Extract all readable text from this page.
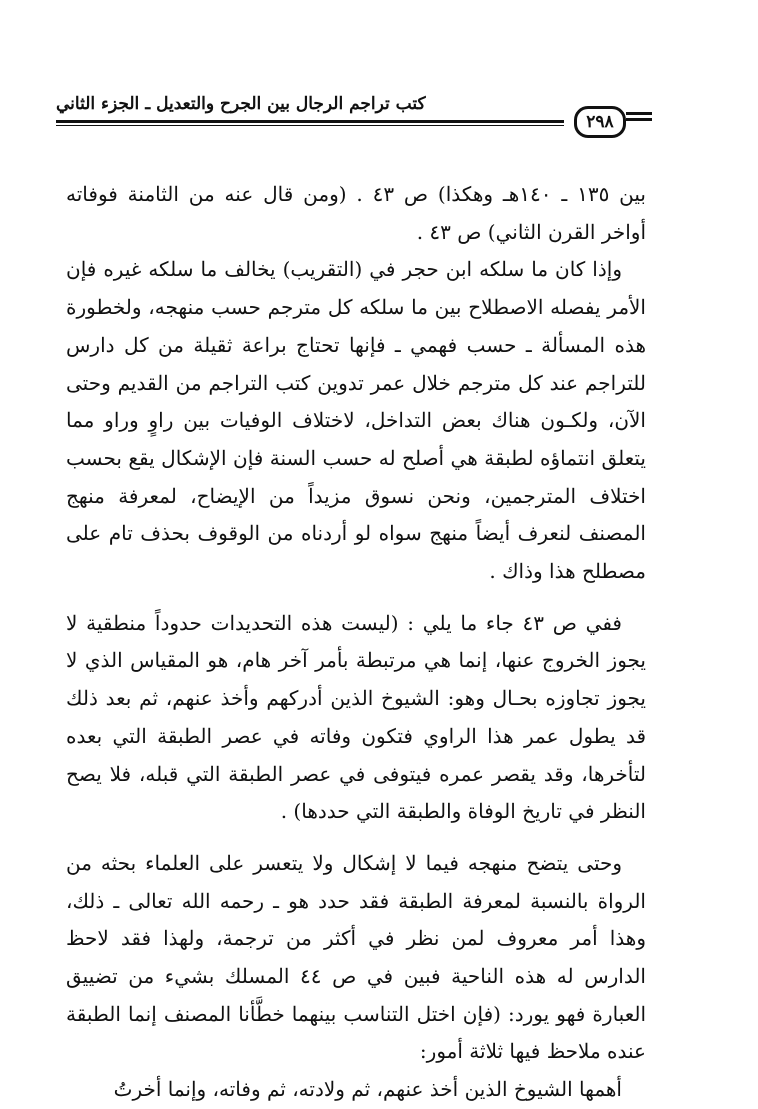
كتب تراجم الرجال بين الجرح والتعديل ـ الجزء الثاني
٢٩٨

بين ١٣٥ ـ ١٤٠هـ وهكذا) ص ٤٣ . (ومن قال عنه من الثامنة فوفاته أواخر القرن الثاني) ص ٤٣ .

وإذا كان ما سلكه ابن حجر في (التقريب) يخالف ما سلكه غيره فإن الأمر يفصله الاصطلاح بين ما سلكه كل مترجم حسب منهجه، ولخطورة هذه المسألة ـ حسب فهمي ـ فإنها تحتاج براعة ثقيلة من كل دارس للتراجم عند كل مترجم خلال عمر تدوين كتب التراجم من القديم وحتى الآن، ولكـون هناك بعض التداخل، لاختلاف الوفيات بين راوٍ وراو مما يتعلق انتماؤه لطبقة هي أصلح له حسب السنة فإن الإشكال يقع بحسب اختلاف المترجمين، ونحن نسوق مزيداً من الإيضاح، لمعرفة منهج المصنف لنعرف أيضاً منهج سواه لو أردناه من الوقوف بحذف تام على مصطلح هذا وذاك .

ففي ص ٤٣ جاء ما يلي : (ليست هذه التحديدات حدوداً منطقية لا يجوز الخروج عنها، إنما هي مرتبطة بأمر آخر هام، هو المقياس الذي لا يجوز تجاوزه بحـال وهو: الشيوخ الذين أدركهم وأخذ عنهم، ثم بعد ذلك قد يطول عمر هذا الراوي فتكون وفاته في عصر الطبقة التي بعده لتأخرها، وقد يقصر عمره فيتوفى في عصر الطبقة التي قبله، فلا يصح النظر في تاريخ الوفاة والطبقة التي حددها) .

وحتى يتضح منهجه فيما لا إشكال ولا يتعسر على العلماء بحثه من الرواة بالنسبة لمعرفة الطبقة فقد حدد هو ـ رحمه الله تعالى ـ ذلك، وهذا أمر معروف لمن نظر في أكثر من ترجمة، ولهذا فقد لاحظ الدارس له هذه الناحية فبين في ص ٤٤ المسلك بشيء من تضييق العبارة فهو يورد: (فإن اختل التناسب بينهما خطَّأنا المصنف إنما الطبقة عنده ملاحظ فيها ثلاثة أمور:

أهمها الشيوخ الذين أخذ عنهم، ثم ولادته، ثم وفاته، وإنما أخرتُ
